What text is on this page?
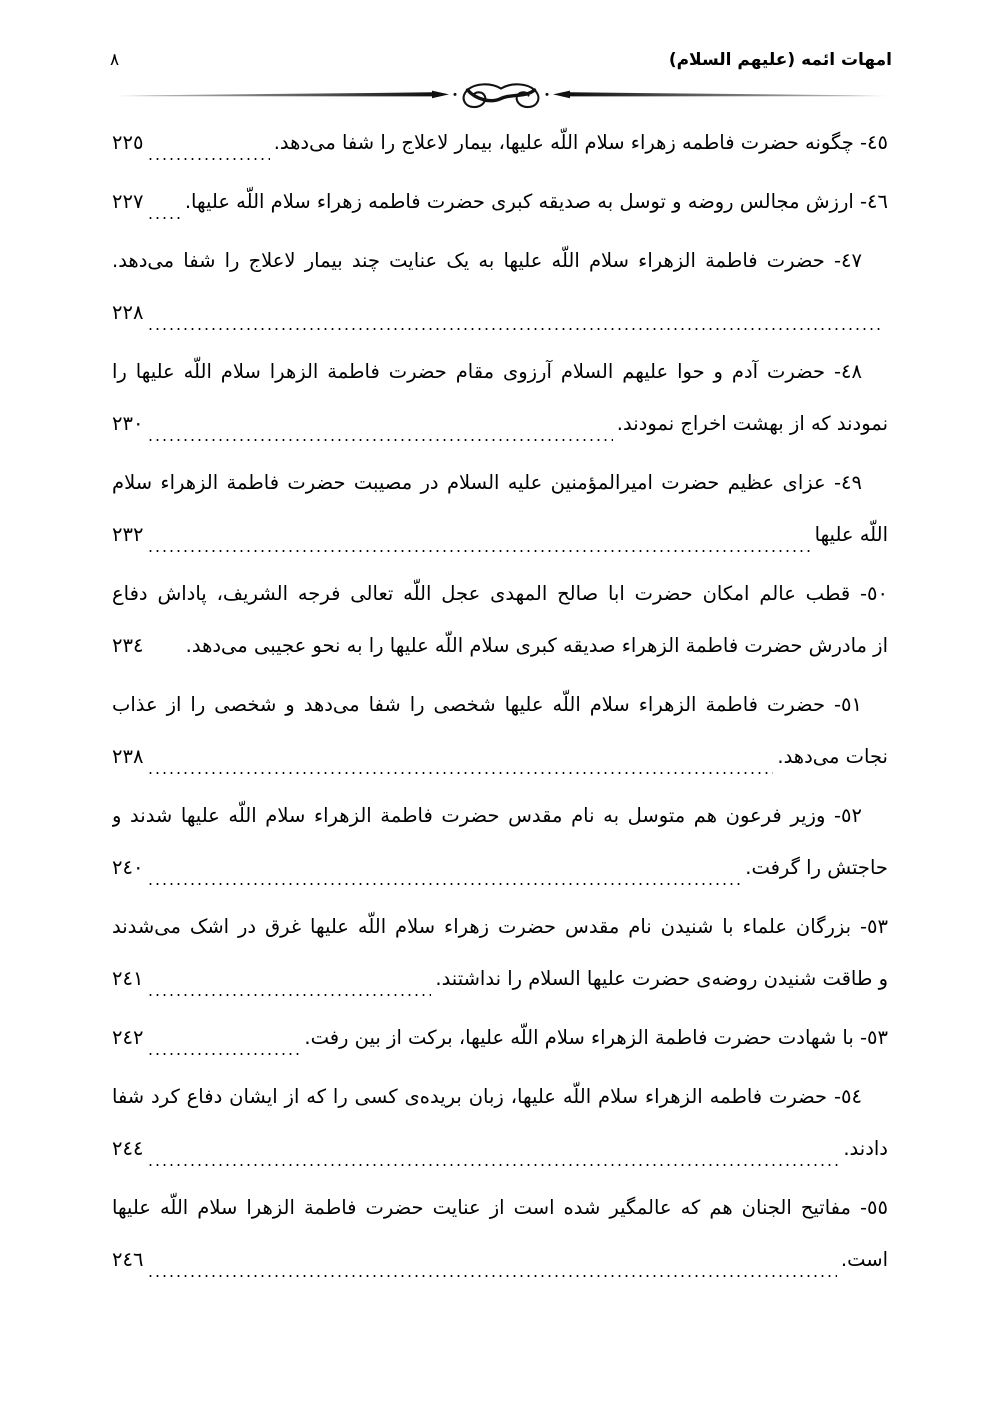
امهات ائمه (علیهم السلام)
٨
٤٥- چگونه حضرت فاطمه زهراء سلام اللّه علیها، بیمار لاعلاج را شفا می‌دهد.
٢٢٥
٤٦- ارزش مجالس روضه و توسل به صدیقه کبری حضرت فاطمه زهراء سلام اللّه علیها.
٢٢٧
٤٧- حضرت فاطمة الزهراء سلام اللّه علیها به یک عنایت چند بیمار لاعلاج را شفا می‌دهد.
٢٢٨
٤٨- حضرت آدم و حوا علیهم السلام آرزوی مقام حضرت فاطمة الزهرا سلام اللّه علیها را
نمودند که از بهشت اخراج نمودند.
٢٣٠
٤٩- عزای عظیم حضرت امیرالمؤمنین علیه السلام در مصیبت حضرت فاطمة الزهراء سلام
اللّه علیها
٢٣٢
٥٠- قطب عالم امکان حضرت ابا صالح المهدی عجل اللّه تعالی فرجه الشریف، پاداش دفاع
از مادرش حضرت فاطمة الزهراء صدیقه کبری سلام اللّه علیها را به نحو عجیبی می‌دهد.
٢٣٤
٥١- حضرت فاطمة الزهراء سلام اللّه علیها شخصی را شفا می‌دهد و شخصی را از عذاب
نجات می‌دهد.
٢٣٨
٥٢- وزیر فرعون هم متوسل به نام مقدس حضرت فاطمة الزهراء سلام اللّه علیها شدند و
حاجتش را گرفت.
٢٤٠
٥٣- بزرگان علماء با شنیدن نام مقدس حضرت زهراء سلام اللّه علیها غرق در اشک می‌شدند
و طاقت شنیدن روضه‌ی حضرت علیها السلام را نداشتند.
٢٤١
٥٣- با شهادت حضرت فاطمة الزهراء سلام اللّه علیها، برکت از بین رفت.
٢٤٢
٥٤- حضرت فاطمه الزهراء سلام اللّه علیها، زبان بریده‌ی کسی را که از ایشان دفاع کرد شفا
دادند.
٢٤٤
٥٥- مفاتیح الجنان هم که عالمگیر شده است از عنایت حضرت فاطمة الزهرا سلام اللّه علیها
است.
٢٤٦
